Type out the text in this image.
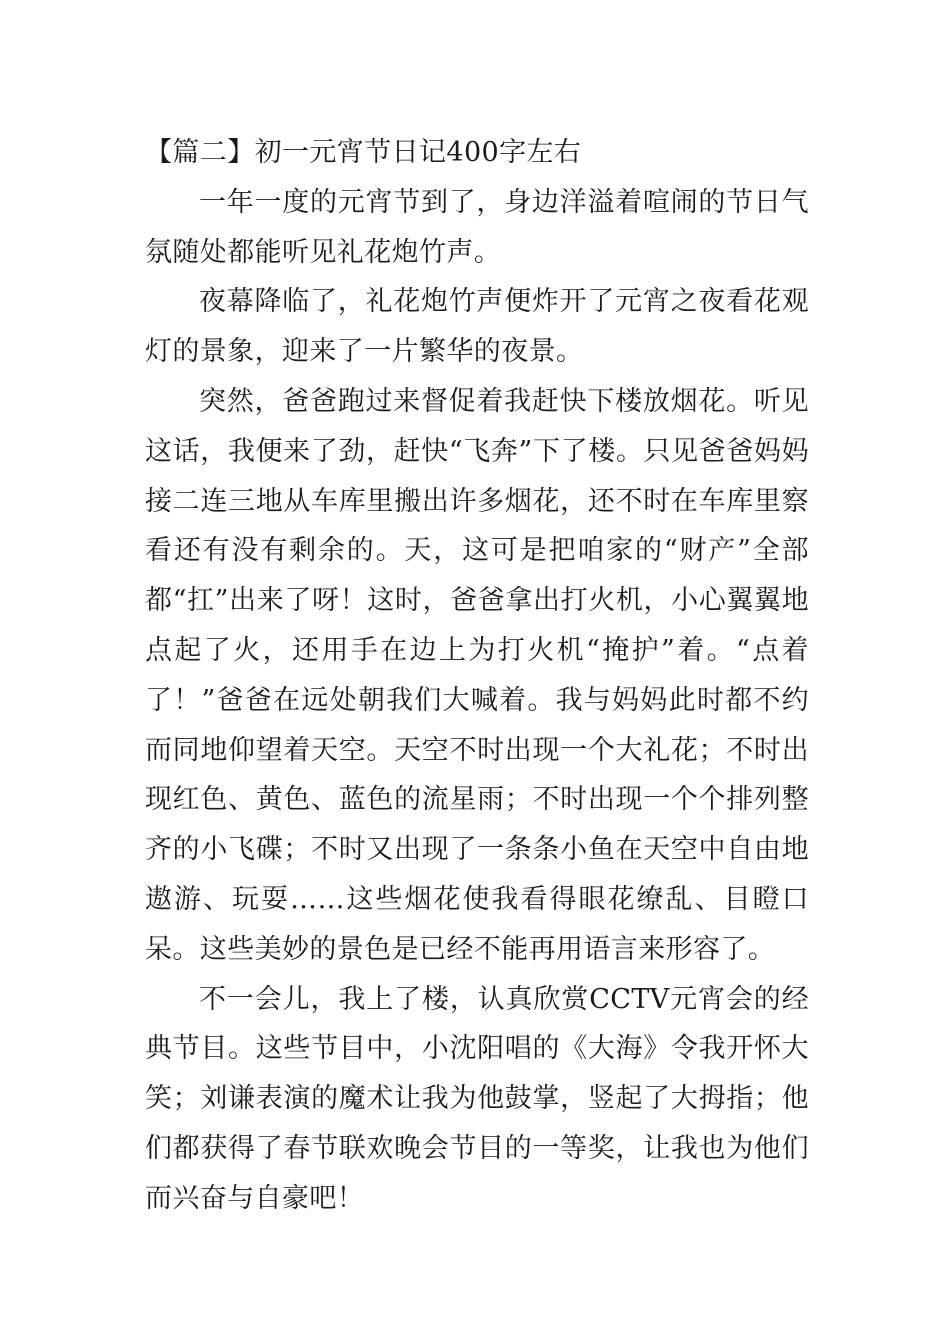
【篇二】初一元宵节日记400字左右

一年一度的元宵节到了，身边洋溢着喧闹的节日气氛随处都能听见礼花炮竹声。

夜幕降临了，礼花炮竹声便炸开了元宵之夜看花观灯的景象，迎来了一片繁华的夜景。

突然，爸爸跑过来督促着我赶快下楼放烟花。听见这话，我便来了劲，赶快“飞奔”下了楼。只见爸爸妈妈接二连三地从车库里搬出许多烟花，还不时在车库里察看还有没有剩余的。天，这可是把咱家的“财产”全部都“扛”出来了呀！这时，爸爸拿出打火机，小心翼翼地点起了火，还用手在边上为打火机“掩护”着。“点着了！”爸爸在远处朝我们大喊着。我与妈妈此时都不约而同地仰望着天空。天空不时出现一个大礼花；不时出现红色、黄色、蓝色的流星雨；不时出现一个个排列整齐的小飞碟；不时又出现了一条条小鱼在天空中自由地遨游、玩耍……这些烟花使我看得眼花缭乱、目瞪口呆。这些美妙的景色是已经不能再用语言来形容了。

不一会儿，我上了楼，认真欣赏CCTV元宵会的经典节目。这些节目中，小沈阳唱的《大海》令我开怀大笑；刘谦表演的魔术让我为他鼓掌，竖起了大拇指；他们都获得了春节联欢晚会节目的一等奖，让我也为他们而兴奋与自豪吧！
